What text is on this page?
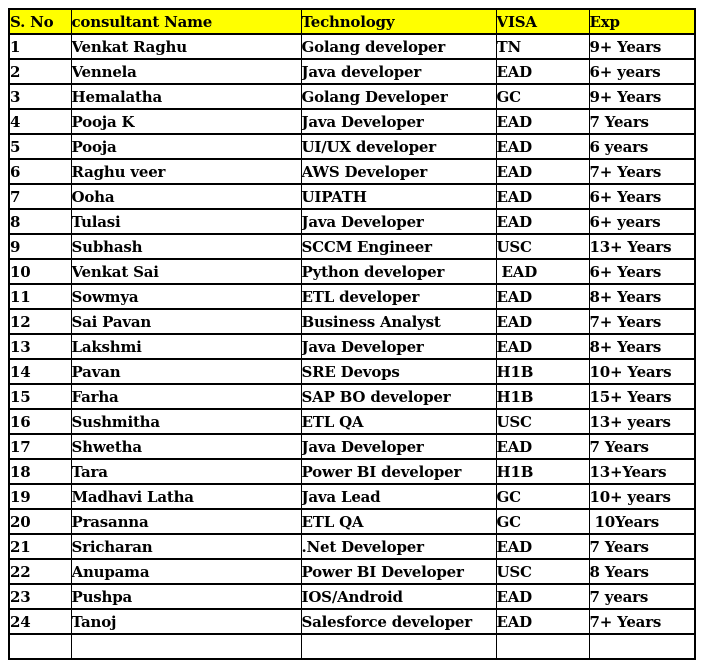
S. No	consultant Name	Technology	VISA	Exp
1	Venkat Raghu	Golang developer	TN	9+ Years
2	Vennela	Java developer	EAD	6+ years
3	Hemalatha	Golang Developer	GC	9+ Years
4	Pooja K	Java Developer	EAD	7 Years
5	Pooja	UI/UX developer	EAD	6 years
6	Raghu veer	AWS Developer	EAD	7+ Years
7	Ooha	UIPATH	EAD	6+ Years
8	Tulasi	Java Developer	EAD	6+ years
9	Subhash	SCCM Engineer	USC	13+ Years
10	Venkat Sai	Python developer	EAD	6+ Years
11	Sowmya	ETL developer	EAD	8+ Years
12	Sai Pavan	Business Analyst	EAD	7+ Years
13	Lakshmi	Java Developer	EAD	8+ Years
14	Pavan	SRE Devops	H1B	10+ Years
15	Farha	SAP BO developer	H1B	15+ Years
16	Sushmitha	ETL QA	USC	13+ years
17	Shwetha	Java Developer	EAD	7 Years
18	Tara	Power BI developer	H1B	13+Years
19	Madhavi Latha	Java Lead	GC	10+ years
20	Prasanna	ETL QA	GC	10Years
21	Sricharan	.Net Developer	EAD	7 Years
22	Anupama	Power BI Developer	USC	8 Years
23	Pushpa	IOS/Android	EAD	7 years
24	Tanoj	Salesforce developer	EAD	7+ Years
